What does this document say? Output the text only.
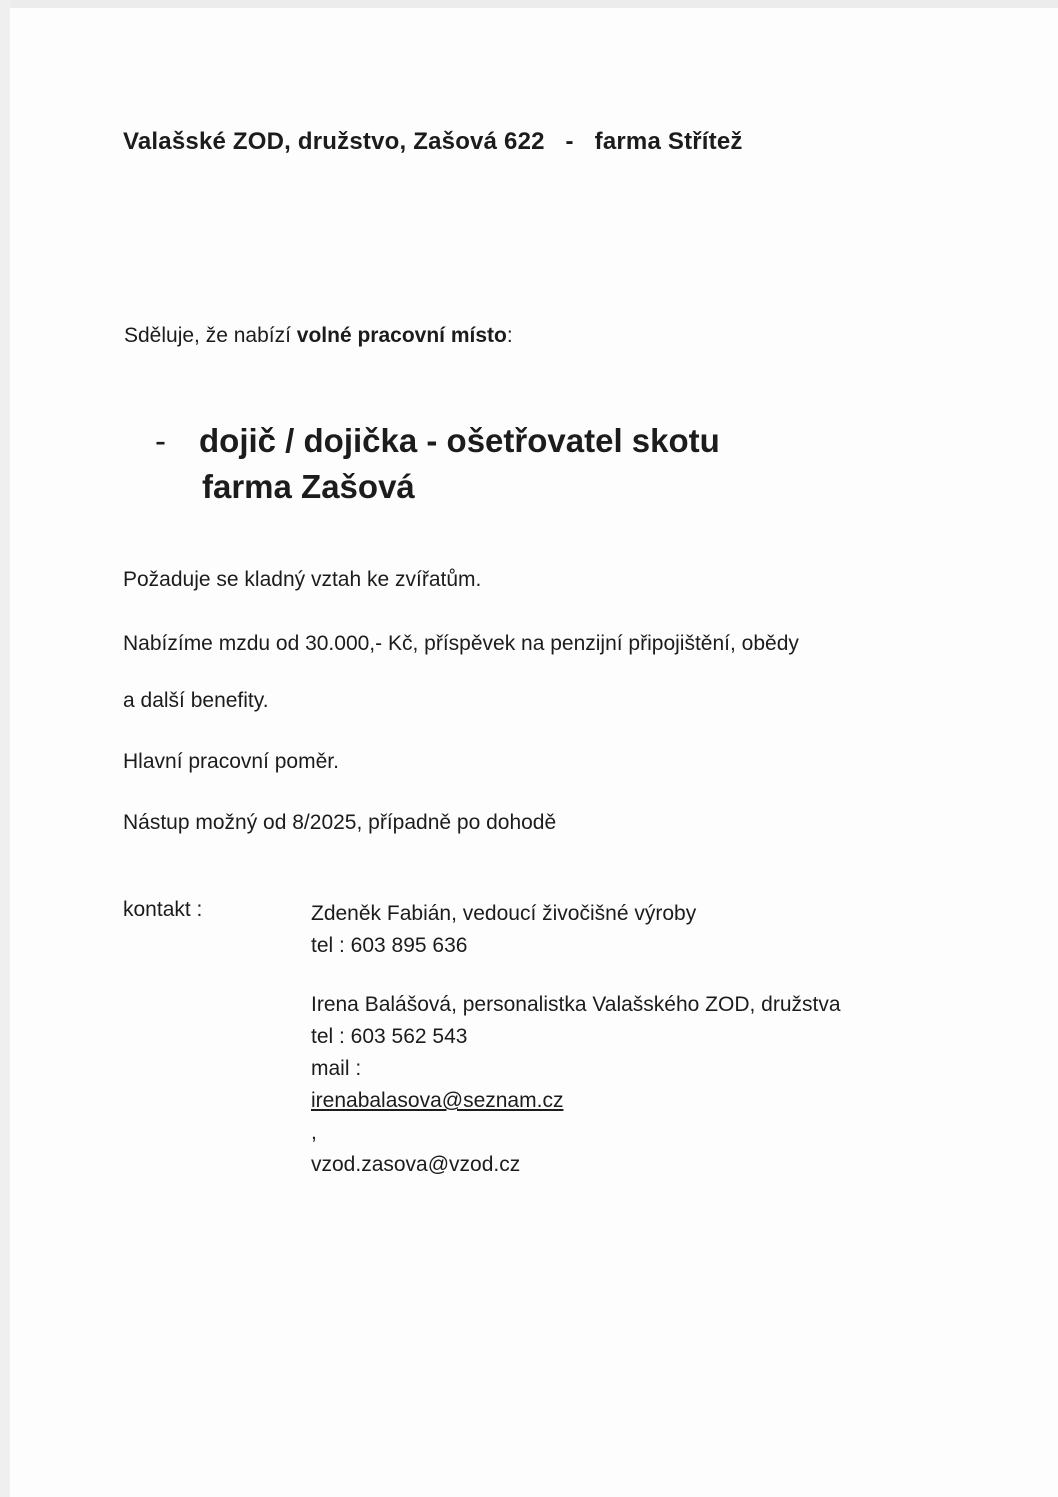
Valašské ZOD, družstvo, Zašová 622 - farma Střítež
Sděluje, že nabízí volné pracovní místo:
- dojič / dojička - ošetřovatel skotu
farma Zašová
Požaduje se kladný vztah ke zvířatům.
Nabízíme mzdu od 30.000,- Kč, příspěvek na penzijní připojištění, obědy
a další benefity.
Hlavní pracovní poměr.
Nástup možný od 8/2025, případně po dohodě
kontakt :	Zdeněk Fabián, vedoucí živočišné výroby
tel : 603 895 636
Irena Balášová, personalistka Valašského ZOD, družstva
tel : 603 562 543
mail :
irenabalasova@seznam.cz
,
vzod.zasova@vzod.cz
